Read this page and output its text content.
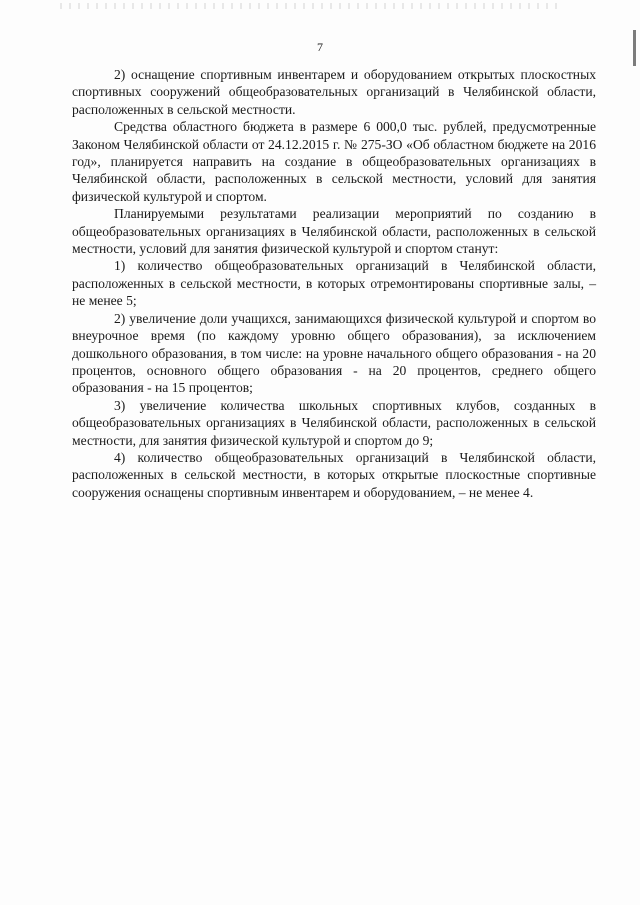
7

2) оснащение спортивным инвентарем и оборудованием открытых плоскостных спортивных сооружений общеобразовательных организаций в Челябинской области, расположенных в сельской местности.

Средства областного бюджета в размере 6 000,0 тыс. рублей, предусмотренные Законом Челябинской области от 24.12.2015 г. № 275-ЗО «Об областном бюджете на 2016 год», планируется направить на создание в общеобразовательных организациях в Челябинской области, расположенных в сельской местности, условий для занятия физической культурой и спортом.

Планируемыми результатами реализации мероприятий по созданию в общеобразовательных организациях в Челябинской области, расположенных в сельской местности, условий для занятия физической культурой и спортом станут:

1) количество общеобразовательных организаций в Челябинской области, расположенных в сельской местности, в которых отремонтированы спортивные залы, – не менее 5;

2) увеличение доли учащихся, занимающихся физической культурой и спортом во внеурочное время (по каждому уровню общего образования), за исключением дошкольного образования, в том числе: на уровне начального общего образования - на 20 процентов, основного общего образования - на 20 процентов, среднего общего образования - на 15 процентов;

3) увеличение количества школьных спортивных клубов, созданных в общеобразовательных организациях в Челябинской области, расположенных в сельской местности, для занятия физической культурой и спортом до 9;

4) количество общеобразовательных организаций в Челябинской области, расположенных в сельской местности, в которых открытые плоскостные спортивные сооружения оснащены спортивным инвентарем и оборудованием, – не менее 4.
